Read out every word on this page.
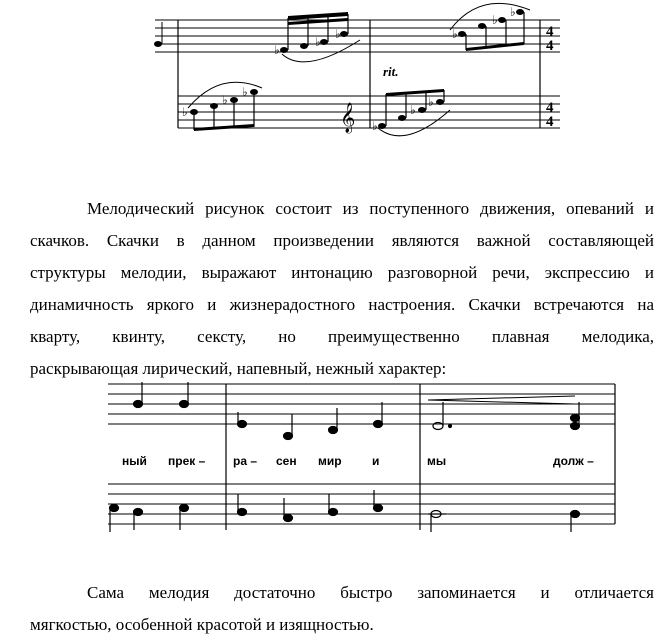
♭
♭
♭	♭
♭
♭
rit.
4
4
4
4
♭
♭
♭
𝄞 ♭
♭
♭
Мелодический рисунок состоит из поступенного движения, опеваний и
скачков. Скачки в данном произведении являются важной составляющей
структуры мелодии, выражают интонацию разговорной речи, экспрессию и
динамичность яркого и жизнерадостного настроения. Скачки встречаются на
кварту, квинту, сексту, но преимущественно плавная мелодика,
раскрывающая лирический, напевный, нежный характер:
ный прек – ра – сен мир	и	мы	долж –
Сама мелодия достаточно быстро запоминается и отличается
мягкостью, особенной красотой и изящностью.
